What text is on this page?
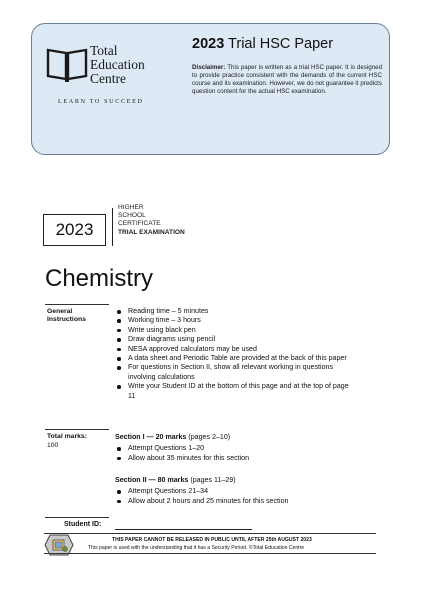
Total
Education
Centre
LEARN TO SUCCEED
2023 Trial HSC Paper
Disclaimer: This paper is written as a trial HSC paper. It is designed to provide practice consistent with the demands of the current HSC course and its examination. However, we do not guarantee it predicts question content for the actual HSC examination.
2023
HIGHER
SCHOOL
CERTIFICATE
TRIAL EXAMINATION
Chemistry
General
Instructions
Reading time – 5 minutes
Working time – 3 hours
Write using black pen
Draw diagrams using pencil
NESA approved calculators may be used
A data sheet and Periodic Table are provided at the back of this paper
For questions in Section II, show all relevant working in questions involving calculations
Write your Student ID at the bottom of this page and at the top of page 11
Total marks:
100
Section I — 20 marks (pages 2–10)
Attempt Questions 1–20
Allow about 35 minutes for this section
Section II — 80 marks (pages 11–29)
Attempt Questions 21–34
Allow about 2 hours and 25 minutes for this section
Student ID:
THIS PAPER CANNOT BE RELEASED IN PUBLIC UNTIL AFTER 25th AUGUST 2023
This paper is used with the understanding that it has a Security Period. ©Total Education Centre
